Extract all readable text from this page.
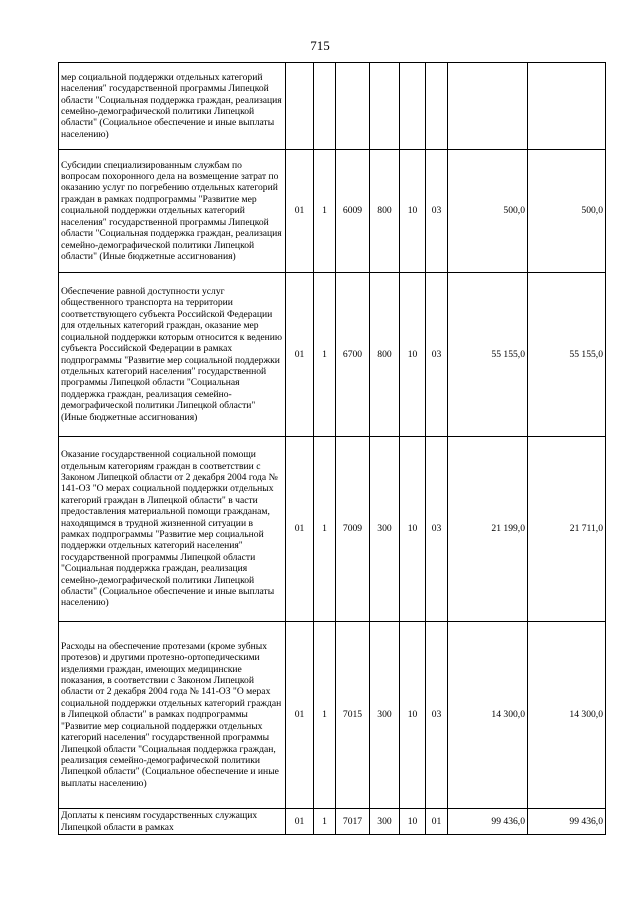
715
мер социальной поддержки отдельных категорий населения" государственной программы Липецкой области "Социальная поддержка граждан, реализация семейно-демографической политики Липецкой области" (Социальное обеспечение и иные выплаты населению)								
Субсидии специализированным службам по вопросам похоронного дела на возмещение затрат по оказанию услуг по погребению отдельных категорий граждан в рамках подпрограммы "Развитие мер социальной поддержки отдельных категорий населения" государственной программы Липецкой области "Социальная поддержка граждан, реализация семейно-демографической политики Липецкой области" (Иные бюджетные ассигнования)	01	1	6009	800	10	03	500,0	500,0
Обеспечение равной доступности услуг общественного транспорта на территории соответствующего субъекта Российской Федерации для отдельных категорий граждан, оказание мер социальной поддержки которым относится к ведению субъекта Российской Федерации в рамках подпрограммы "Развитие мер социальной поддержки отдельных категорий населения" государственной программы Липецкой области "Социальная поддержка граждан, реализация семейно-демографической политики Липецкой области" (Иные бюджетные ассигнования)	01	1	6700	800	10	03	55 155,0	55 155,0
Оказание государственной социальной помощи отдельным категориям граждан в соответствии с Законом Липецкой области от 2 декабря 2004 года № 141-ОЗ "О мерах социальной поддержки отдельных категорий граждан в Липецкой области" в части предоставления материальной помощи гражданам, находящимся в трудной жизненной ситуации в рамках подпрограммы "Развитие мер социальной поддержки отдельных категорий населения" государственной программы Липецкой области "Социальная поддержка граждан, реализация семейно-демографической политики Липецкой области" (Социальное обеспечение и иные выплаты населению)	01	1	7009	300	10	03	21 199,0	21 711,0
Расходы на обеспечение протезами (кроме зубных протезов) и другими протезно-ортопедическими изделиями граждан, имеющих медицинские показания, в соответствии с Законом Липецкой области от 2 декабря 2004 года № 141-ОЗ "О мерах социальной поддержки отдельных категорий граждан в Липецкой области" в рамках подпрограммы "Развитие мер социальной поддержки отдельных категорий населения" государственной программы Липецкой области "Социальная поддержка граждан, реализация семейно-демографической политики Липецкой области" (Социальное обеспечение и иные выплаты населению)	01	1	7015	300	10	03	14 300,0	14 300,0
Доплаты к пенсиям государственных служащих Липецкой области в рамках	01	1	7017	300	10	01	99 436,0	99 436,0
